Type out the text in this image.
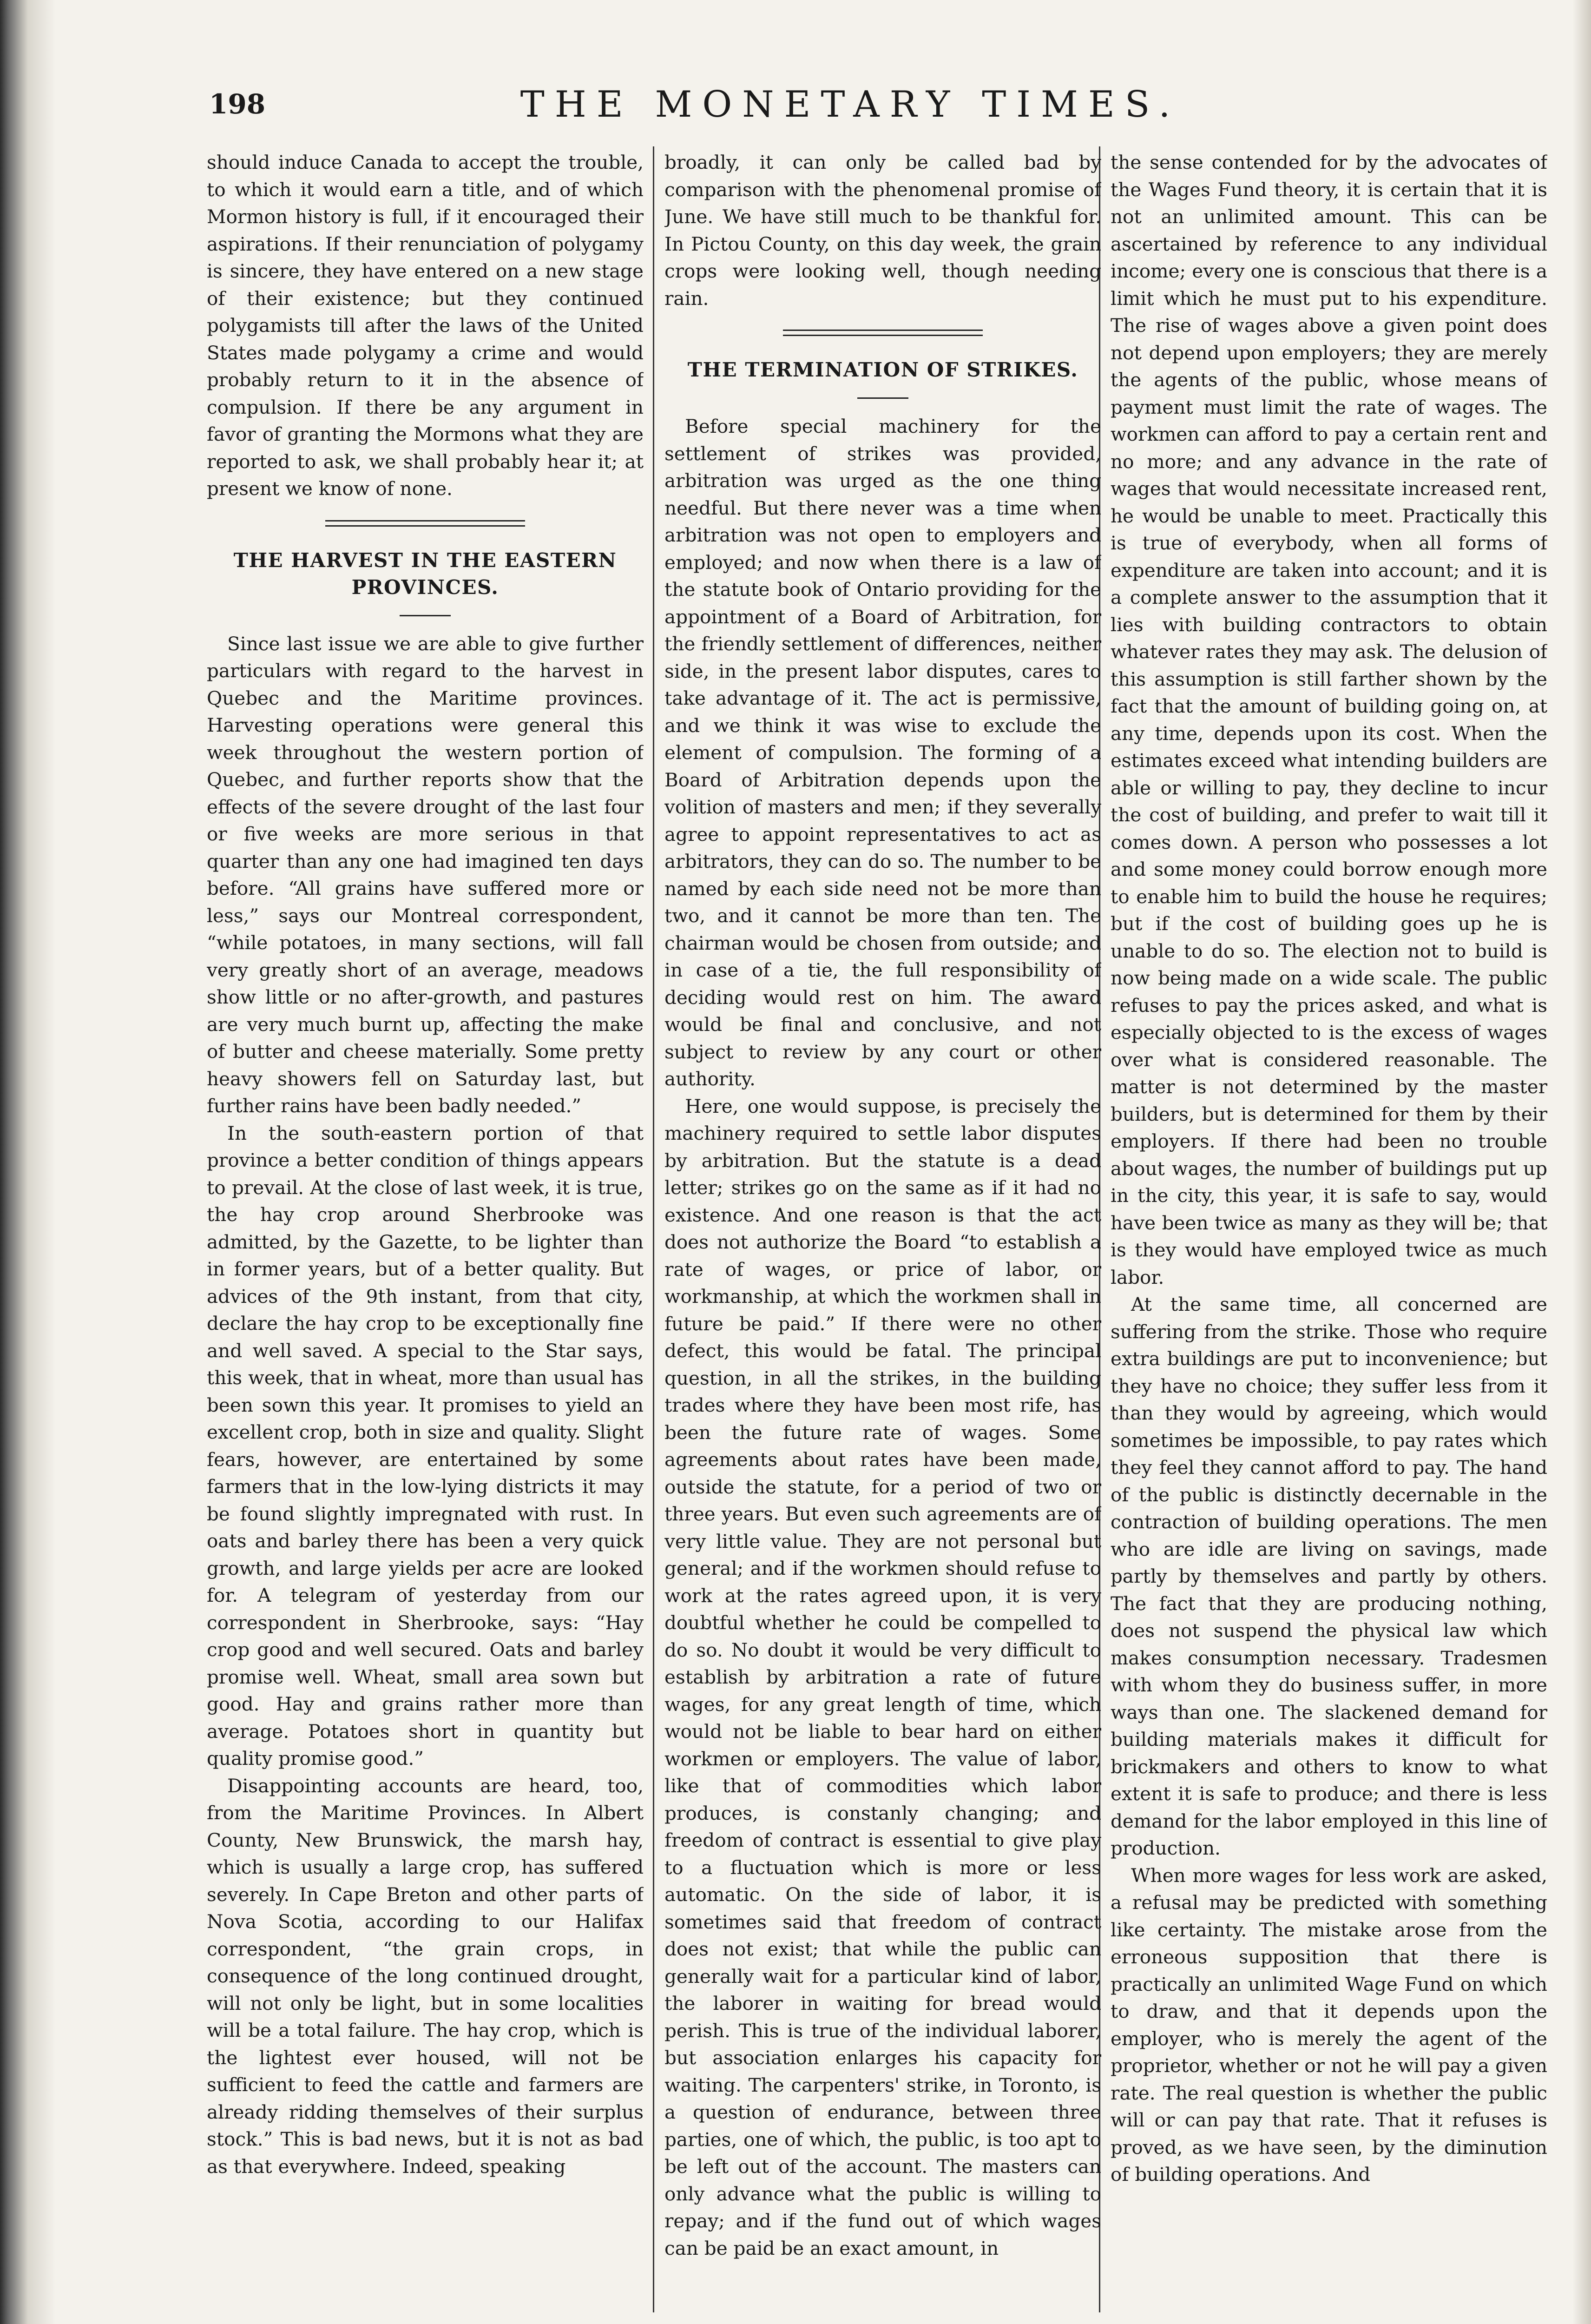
198	THE MONETARY TIMES.

should induce Canada to accept the trouble, to which it would earn a title, and of which Mormon history is full, if it encouraged their aspirations. If their renunciation of polygamy is sincere, they have entered on a new stage of their existence; but they continued polygamists till after the laws of the United States made polygamy a crime and would probably return to it in the absence of compulsion. If there be any argument in favor of granting the Mormons what they are reported to ask, we shall probably hear it; at present we know of none.

THE HARVEST IN THE EASTERN PROVINCES.

Since last issue we are able to give further particulars with regard to the harvest in Quebec and the Maritime provinces. Harvesting operations were general this week throughout the western portion of Quebec, and further reports show that the effects of the severe drought of the last four or five weeks are more serious in that quarter than any one had imagined ten days before. “All grains have suffered more or less,” says our Montreal correspondent, “while potatoes, in many sections, will fall very greatly short of an average, meadows show little or no after-growth, and pastures are very much burnt up, affecting the make of butter and cheese materially. Some pretty heavy showers fell on Saturday last, but further rains have been badly needed.”

In the south-eastern portion of that province a better condition of things appears to prevail. At the close of last week, it is true, the hay crop around Sherbrooke was admitted, by the Gazette, to be lighter than in former years, but of a better quality. But advices of the 9th instant, from that city, declare the hay crop to be exceptionally fine and well saved. A special to the Star says, this week, that in wheat, more than usual has been sown this year. It promises to yield an excellent crop, both in size and quality. Slight fears, however, are entertained by some farmers that in the low-lying districts it may be found slightly impregnated with rust. In oats and barley there has been a very quick growth, and large yields per acre are looked for. A telegram of yesterday from our correspondent in Sherbrooke, says: “Hay crop good and well secured. Oats and barley promise well. Wheat, small area sown but good. Hay and grains rather more than average. Potatoes short in quantity but quality promise good.”

Disappointing accounts are heard, too, from the Maritime Provinces. In Albert County, New Brunswick, the marsh hay, which is usually a large crop, has suffered severely. In Cape Breton and other parts of Nova Scotia, according to our Halifax correspondent, “the grain crops, in consequence of the long continued drought, will not only be light, but in some localities will be a total failure. The hay crop, which is the lightest ever housed, will not be sufficient to feed the cattle and farmers are already ridding themselves of their surplus stock.” This is bad news, but it is not as bad as that everywhere. Indeed, speaking

broadly, it can only be called bad by comparison with the phenomenal promise of June. We have still much to be thankful for. In Pictou County, on this day week, the grain crops were looking well, though needing rain.

THE TERMINATION OF STRIKES.

Before special machinery for the settlement of strikes was provided, arbitration was urged as the one thing needful. But there never was a time when arbitration was not open to employers and employed; and now when there is a law of the statute book of Ontario providing for the appointment of a Board of Arbitration, for the friendly settlement of differences, neither side, in the present labor disputes, cares to take advantage of it. The act is permissive, and we think it was wise to exclude the element of compulsion. The forming of a Board of Arbitration depends upon the volition of masters and men; if they severally agree to appoint representatives to act as arbitrators, they can do so. The number to be named by each side need not be more than two, and it cannot be more than ten. The chairman would be chosen from outside; and in case of a tie, the full responsibility of deciding would rest on him. The award would be final and conclusive, and not subject to review by any court or other authority.

Here, one would suppose, is precisely the machinery required to settle labor disputes by arbitration. But the statute is a dead letter; strikes go on the same as if it had no existence. And one reason is that the act does not authorize the Board “to establish a rate of wages, or price of labor, or workmanship, at which the workmen shall in future be paid.” If there were no other defect, this would be fatal. The principal question, in all the strikes, in the building trades where they have been most rife, has been the future rate of wages. Some agreements about rates have been made, outside the statute, for a period of two or three years. But even such agreements are of very little value. They are not personal but general; and if the workmen should refuse to work at the rates agreed upon, it is very doubtful whether he could be compelled to do so. No doubt it would be very difficult to establish by arbitration a rate of future wages, for any great length of time, which would not be liable to bear hard on either workmen or employers. The value of labor, like that of commodities which labor produces, is constanly changing; and freedom of contract is essential to give play to a fluctuation which is more or less automatic. On the side of labor, it is sometimes said that freedom of contract does not exist; that while the public can generally wait for a particular kind of labor, the laborer in waiting for bread would perish. This is true of the individual laborer, but association enlarges his capacity for waiting. The carpenters' strike, in Toronto, is a question of endurance, between three parties, one of which, the public, is too apt to be left out of the account. The masters can only advance what the public is willing to repay; and if the fund out of which wages can be paid be an exact amount, in

the sense contended for by the advocates of the Wages Fund theory, it is certain that it is not an unlimited amount. This can be ascertained by reference to any individual income; every one is conscious that there is a limit which he must put to his expenditure. The rise of wages above a given point does not depend upon employers; they are merely the agents of the public, whose means of payment must limit the rate of wages. The workmen can afford to pay a certain rent and no more; and any advance in the rate of wages that would necessitate increased rent, he would be unable to meet. Practically this is true of everybody, when all forms of expenditure are taken into account; and it is a complete answer to the assumption that it lies with building contractors to obtain whatever rates they may ask. The delusion of this assumption is still farther shown by the fact that the amount of building going on, at any time, depends upon its cost. When the estimates exceed what intending builders are able or willing to pay, they decline to incur the cost of building, and prefer to wait till it comes down. A person who possesses a lot and some money could borrow enough more to enable him to build the house he requires; but if the cost of building goes up he is unable to do so. The election not to build is now being made on a wide scale. The public refuses to pay the prices asked, and what is especially objected to is the excess of wages over what is considered reasonable. The matter is not determined by the master builders, but is determined for them by their employers. If there had been no trouble about wages, the number of buildings put up in the city, this year, it is safe to say, would have been twice as many as they will be; that is they would have employed twice as much labor.

At the same time, all concerned are suffering from the strike. Those who require extra buildings are put to inconvenience; but they have no choice; they suffer less from it than they would by agreeing, which would sometimes be impossible, to pay rates which they feel they cannot afford to pay. The hand of the public is distinctly decernable in the contraction of building operations. The men who are idle are living on savings, made partly by themselves and partly by others. The fact that they are producing nothing, does not suspend the physical law which makes consumption necessary. Tradesmen with whom they do business suffer, in more ways than one. The slackened demand for building materials makes it difficult for brickmakers and others to know to what extent it is safe to produce; and there is less demand for the labor employed in this line of production.

When more wages for less work are asked, a refusal may be predicted with something like certainty. The mistake arose from the erroneous supposition that there is practically an unlimited Wage Fund on which to draw, and that it depends upon the employer, who is merely the agent of the proprietor, whether or not he will pay a given rate. The real question is whether the public will or can pay that rate. That it refuses is proved, as we have seen, by the diminution of building operations. And
